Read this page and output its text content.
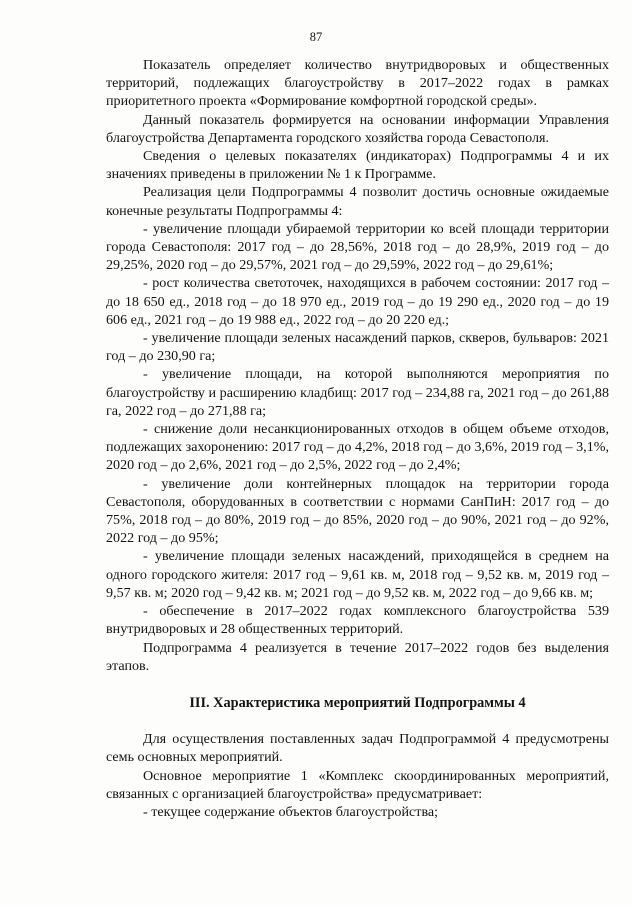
87

Показатель определяет количество внутридворовых и общественных территорий, подлежащих благоустройству в 2017–2022 годах в рамках приоритетного проекта «Формирование комфортной городской среды».

Данный показатель формируется на основании информации Управления благоустройства Департамента городского хозяйства города Севастополя.

Сведения о целевых показателях (индикаторах) Подпрограммы 4 и их значениях приведены в приложении № 1 к Программе.

Реализация цели Подпрограммы 4 позволит достичь основные ожидаемые конечные результаты Подпрограммы 4:

- увеличение площади убираемой территории ко всей площади территории города Севастополя: 2017 год – до 28,56%, 2018 год – до 28,9%, 2019 год – до 29,25%, 2020 год – до 29,57%, 2021 год – до 29,59%, 2022 год – до 29,61%;

- рост количества светоточек, находящихся в рабочем состоянии: 2017 год – до 18 650 ед., 2018 год – до 18 970 ед., 2019 год – до 19 290 ед., 2020 год – до 19 606 ед., 2021 год – до 19 988 ед., 2022 год – до 20 220 ед.;

- увеличение площади зеленых насаждений парков, скверов, бульваров: 2021 год – до 230,90 га;

- увеличение площади, на которой выполняются мероприятия по благоустройству и расширению кладбищ: 2017 год – 234,88 га, 2021 год – до 261,88 га, 2022 год – до 271,88 га;

- снижение доли несанкционированных отходов в общем объеме отходов, подлежащих захоронению: 2017 год – до 4,2%, 2018 год – до 3,6%, 2019 год – 3,1%, 2020 год – до 2,6%, 2021 год – до 2,5%, 2022 год – до 2,4%;

- увеличение доли контейнерных площадок на территории города Севастополя, оборудованных в соответствии с нормами СанПиН: 2017 год – до 75%, 2018 год – до 80%, 2019 год – до 85%, 2020 год – до 90%, 2021 год – до 92%, 2022 год – до 95%;

- увеличение площади зеленых насаждений, приходящейся в среднем на одного городского жителя: 2017 год – 9,61 кв. м, 2018 год – 9,52 кв. м, 2019 год – 9,57 кв. м; 2020 год – 9,42 кв. м; 2021 год – до 9,52 кв. м, 2022 год – до 9,66 кв. м;

- обеспечение в 2017–2022 годах комплексного благоустройства 539 внутридворовых и 28 общественных территорий.

Подпрограмма 4 реализуется в течение 2017–2022 годов без выделения этапов.

III. Характеристика мероприятий Подпрограммы 4

Для осуществления поставленных задач Подпрограммой 4 предусмотрены семь основных мероприятий.

Основное мероприятие 1 «Комплекс скоординированных мероприятий, связанных с организацией благоустройства» предусматривает:

- текущее содержание объектов благоустройства;
